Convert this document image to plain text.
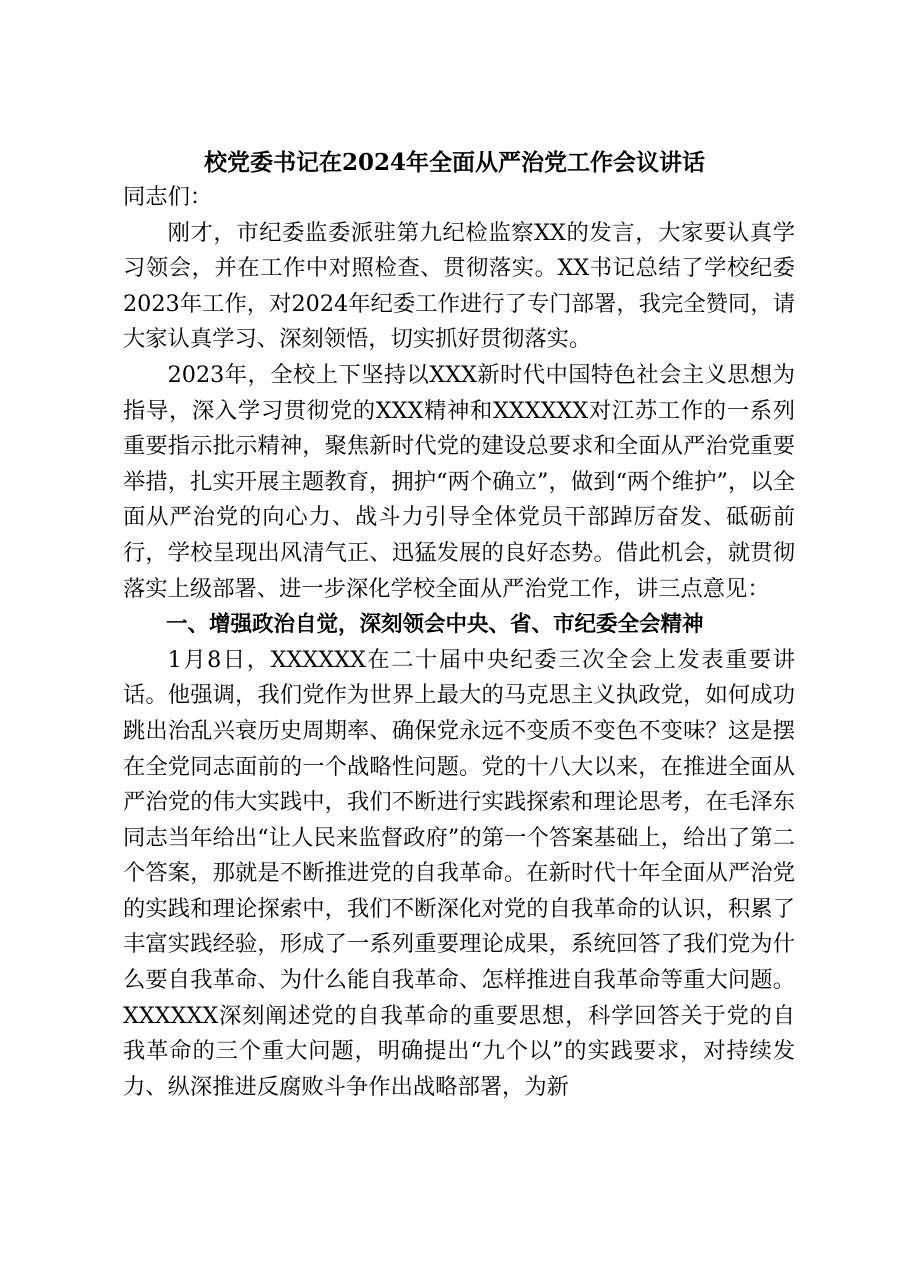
校党委书记在2024年全面从严治党工作会议讲话

同志们：

刚才，市纪委监委派驻第九纪检监察XX的发言，大家要认真学习领会，并在工作中对照检查、贯彻落实。XX书记总结了学校纪委2023年工作，对2024年纪委工作进行了专门部署，我完全赞同，请大家认真学习、深刻领悟，切实抓好贯彻落实。

2023年，全校上下坚持以XXX新时代中国特色社会主义思想为指导，深入学习贯彻党的XXX精神和XXXXXX对江苏工作的一系列重要指示批示精神，聚焦新时代党的建设总要求和全面从严治党重要举措，扎实开展主题教育，拥护“两个确立”，做到“两个维护”，以全面从严治党的向心力、战斗力引导全体党员干部踔厉奋发、砥砺前行，学校呈现出风清气正、迅猛发展的良好态势。借此机会，就贯彻落实上级部署、进一步深化学校全面从严治党工作，讲三点意见：

一、增强政治自觉，深刻领会中央、省、市纪委全会精神

1月8日，XXXXXX在二十届中央纪委三次全会上发表重要讲话。他强调，我们党作为世界上最大的马克思主义执政党，如何成功跳出治乱兴衰历史周期率、确保党永远不变质不变色不变味？这是摆在全党同志面前的一个战略性问题。党的十八大以来，在推进全面从严治党的伟大实践中，我们不断进行实践探索和理论思考，在毛泽东同志当年给出“让人民来监督政府”的第一个答案基础上，给出了第二个答案，那就是不断推进党的自我革命。在新时代十年全面从严治党的实践和理论探索中，我们不断深化对党的自我革命的认识，积累了丰富实践经验，形成了一系列重要理论成果，系统回答了我们党为什么要自我革命、为什么能自我革命、怎样推进自我革命等重大问题。XXXXXX深刻阐述党的自我革命的重要思想，科学回答关于党的自我革命的三个重大问题，明确提出“九个以”的实践要求，对持续发力、纵深推进反腐败斗争作出战略部署，为新
